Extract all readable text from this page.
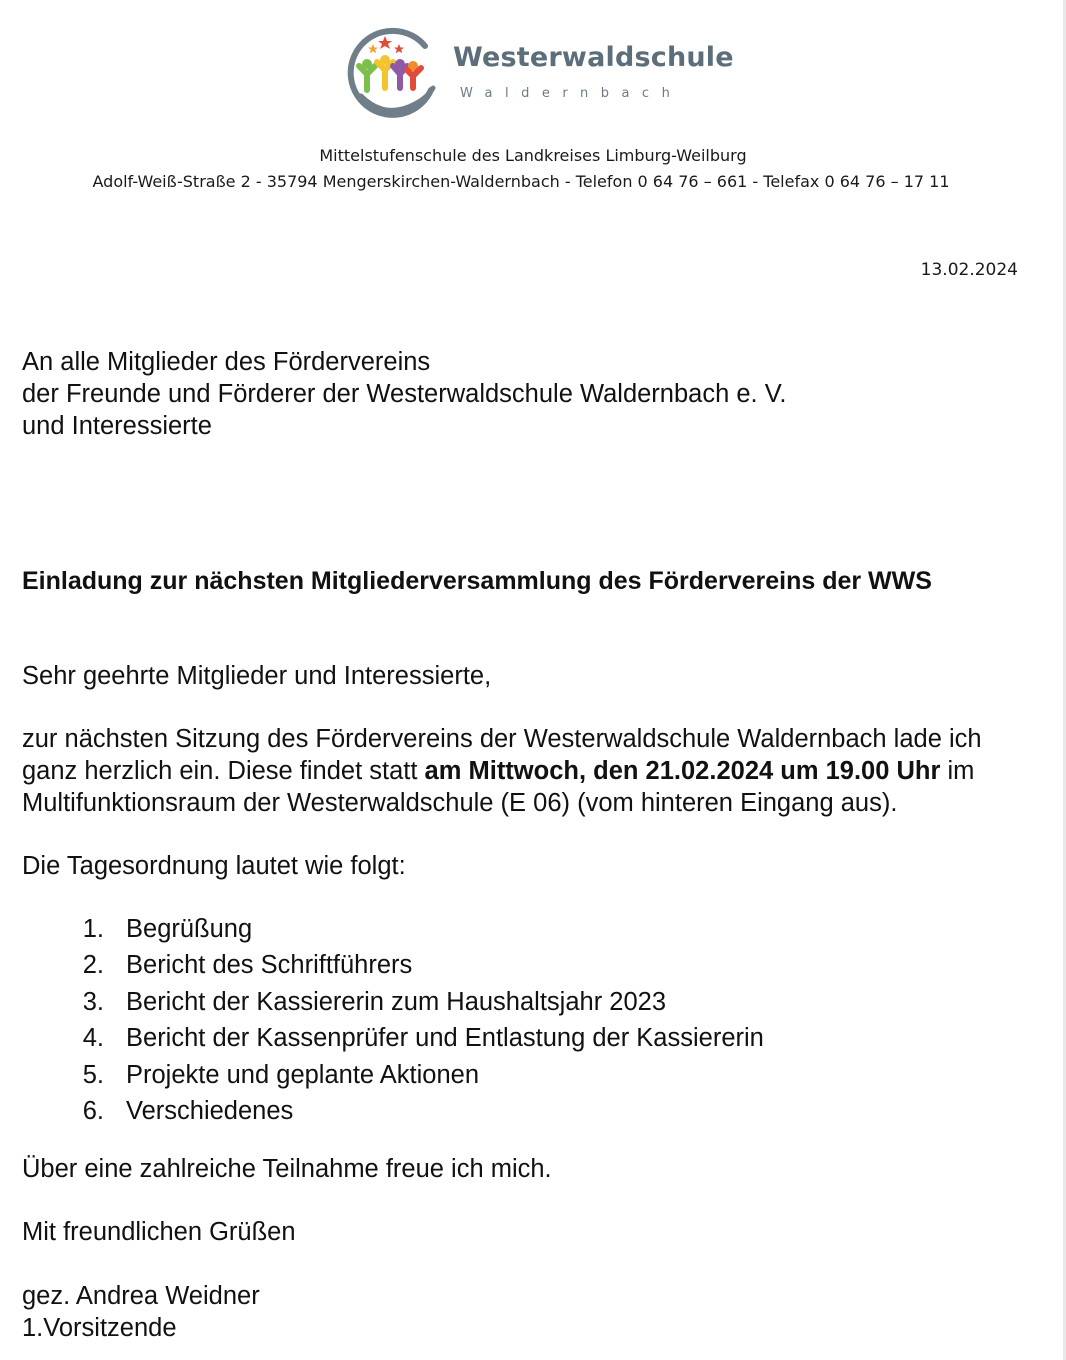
Westerwaldschule
Waldernbach
Mittelstufenschule des Landkreises Limburg-Weilburg
Adolf-Weiß-Straße 2 - 35794 Mengerskirchen-Waldernbach - Telefon 0 64 76 – 661 - Telefax 0 64 76 – 17 11
13.02.2024
An alle Mitglieder des Fördervereins
der Freunde und Förderer der Westerwaldschule Waldernbach e. V.
und Interessierte
Einladung zur nächsten Mitgliederversammlung des Fördervereins der WWS
Sehr geehrte Mitglieder und Interessierte,
zur nächsten Sitzung des Fördervereins der Westerwaldschule Waldernbach lade ich
ganz herzlich ein. Diese findet statt am Mittwoch, den 21.02.2024 um 19.00 Uhr im
Multifunktionsraum der Westerwaldschule (E 06) (vom hinteren Eingang aus).
Die Tagesordnung lautet wie folgt:
1. Begrüßung
2. Bericht des Schriftführers
3. Bericht der Kassiererin zum Haushaltsjahr 2023
4. Bericht der Kassenprüfer und Entlastung der Kassiererin
5. Projekte und geplante Aktionen
6. Verschiedenes
Über eine zahlreiche Teilnahme freue ich mich.
Mit freundlichen Grüßen
gez. Andrea Weidner
1.Vorsitzende
